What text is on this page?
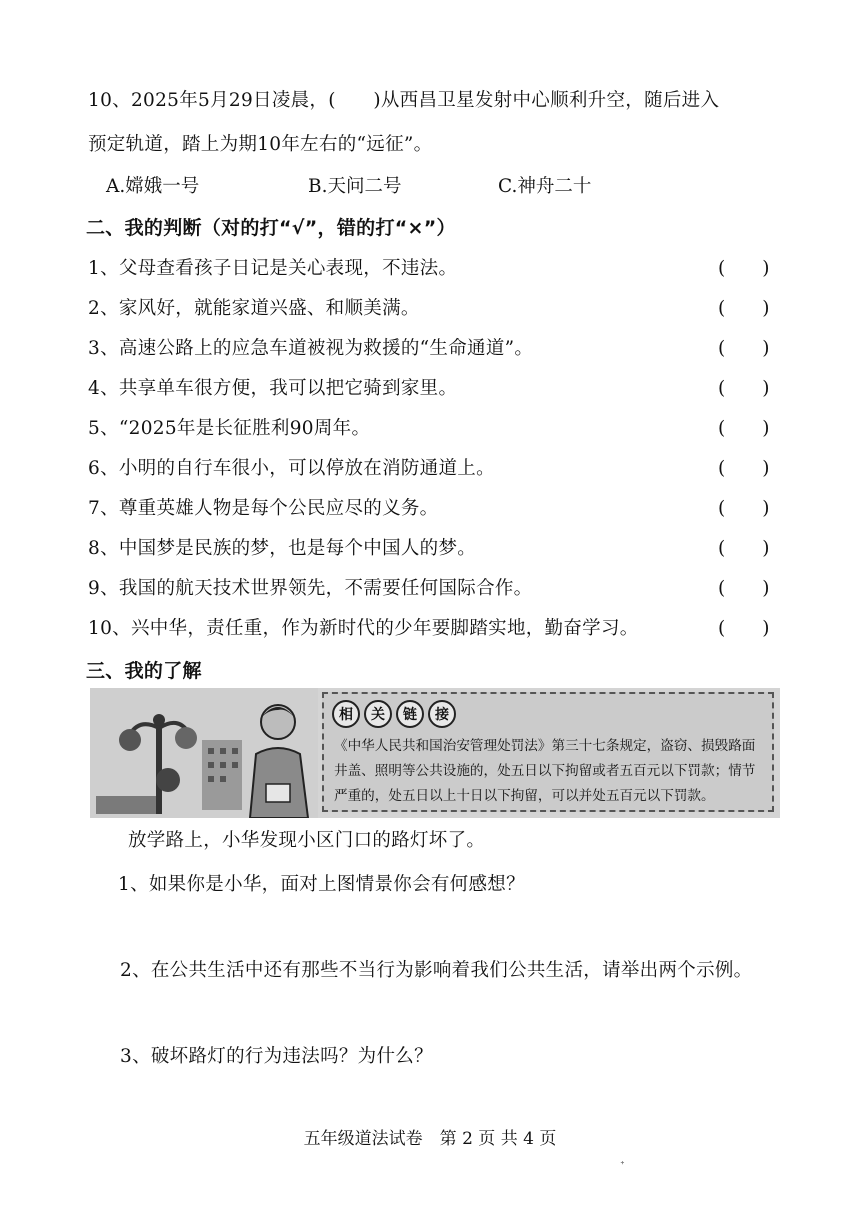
10、2025年5月29日凌晨，(　　)从西昌卫星发射中心顺利升空，随后进入
预定轨道，踏上为期10年左右的“远征”。
A.嫦娥一号	B.天问二号	C.神舟二十
二、我的判断（对的打“√”，错的打“×”）
1、父母查看孩子日记是关心表现，不违法。	(　　)
2、家风好，就能家道兴盛、和顺美满。	(　　)
3、高速公路上的应急车道被视为救援的“生命通道”。	(　　)
4、共享单车很方便，我可以把它骑到家里。	(　　)
5、“2025年是长征胜利90周年。	(　　)
6、小明的自行车很小，可以停放在消防通道上。	(　　)
7、尊重英雄人物是每个公民应尽的义务。	(　　)
8、中国梦是民族的梦，也是每个中国人的梦。	(　　)
9、我国的航天技术世界领先，不需要任何国际合作。	(　　)
10、兴中华，责任重，作为新时代的少年要脚踏实地，勤奋学习。	(　　)
三、我的了解
相	关	链	接
《中华人民共和国治安管理处罚法》第三十七条规定，盗窃、损毁路面井盖、照明等公共设施的，处五日以下拘留或者五百元以下罚款；情节严重的，处五日以上十日以下拘留，可以并处五百元以下罚款。
放学路上，小华发现小区门口的路灯坏了。
1、如果你是小华，面对上图情景你会有何感想？
2、在公共生活中还有那些不当行为影响着我们公共生活，请举出两个示例。
3、破坏路灯的行为违法吗？为什么？
五年级道法试卷　第 2 页 共 4 页
ᐩ
